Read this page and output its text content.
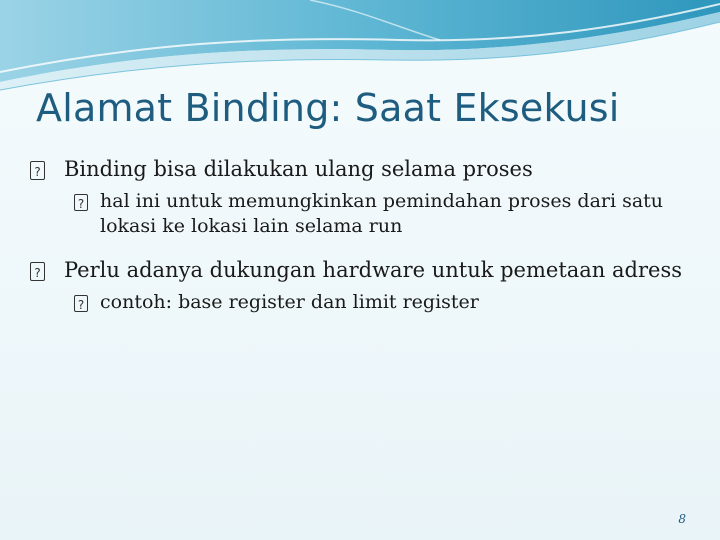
Alamat Binding: Saat Eksekusi

?
Binding bisa dilakukan ulang selama proses

?
hal ini untuk memungkinkan pemindahan proses dari satu lokasi ke lokasi lain selama run

?
Perlu adanya dukungan hardware untuk pemetaan adress

?
contoh: base register dan limit register

8
